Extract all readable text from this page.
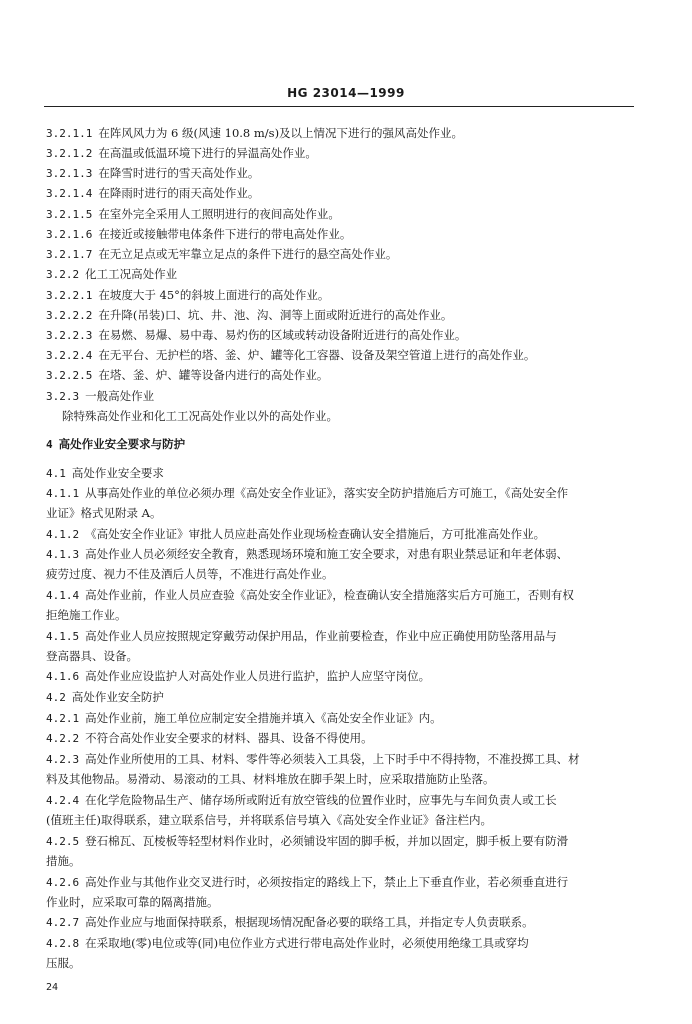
HG 23014—1999
3.2.1.1 在阵风风力为 6 级(风速 10.8 m/s)及以上情况下进行的强风高处作业。
3.2.1.2 在高温或低温环境下进行的异温高处作业。
3.2.1.3 在降雪时进行的雪天高处作业。
3.2.1.4 在降雨时进行的雨天高处作业。
3.2.1.5 在室外完全采用人工照明进行的夜间高处作业。
3.2.1.6 在接近或接触带电体条件下进行的带电高处作业。
3.2.1.7 在无立足点或无牢靠立足点的条件下进行的悬空高处作业。
3.2.2 化工工况高处作业
3.2.2.1 在坡度大于 45°的斜坡上面进行的高处作业。
3.2.2.2 在升降(吊装)口、坑、井、池、沟、洞等上面或附近进行的高处作业。
3.2.2.3 在易燃、易爆、易中毒、易灼伤的区域或转动设备附近进行的高处作业。
3.2.2.4 在无平台、无护栏的塔、釜、炉、罐等化工容器、设备及架空管道上进行的高处作业。
3.2.2.5 在塔、釜、炉、罐等设备内进行的高处作业。
3.2.3 一般高处作业
除特殊高处作业和化工工况高处作业以外的高处作业。
4 高处作业安全要求与防护
4.1 高处作业安全要求
4.1.1 从事高处作业的单位必须办理《高处安全作业证》，落实安全防护措施后方可施工，《高处安全作
业证》格式见附录 A。
4.1.2 《高处安全作业证》审批人员应赴高处作业现场检查确认安全措施后，方可批准高处作业。
4.1.3 高处作业人员必须经安全教育，熟悉现场环境和施工安全要求，对患有职业禁忌证和年老体弱、
疲劳过度、视力不佳及酒后人员等，不准进行高处作业。
4.1.4 高处作业前，作业人员应查验《高处安全作业证》，检查确认安全措施落实后方可施工，否则有权
拒绝施工作业。
4.1.5 高处作业人员应按照规定穿戴劳动保护用品，作业前要检查，作业中应正确使用防坠落用品与
登高器具、设备。
4.1.6 高处作业应设监护人对高处作业人员进行监护，监护人应坚守岗位。
4.2 高处作业安全防护
4.2.1 高处作业前，施工单位应制定安全措施并填入《高处安全作业证》内。
4.2.2 不符合高处作业安全要求的材料、器具、设备不得使用。
4.2.3 高处作业所使用的工具、材料、零件等必须装入工具袋，上下时手中不得持物，不准投掷工具、材
料及其他物品。易滑动、易滚动的工具、材料堆放在脚手架上时，应采取措施防止坠落。
4.2.4 在化学危险物品生产、储存场所或附近有放空管线的位置作业时，应事先与车间负责人或工长
(值班主任)取得联系，建立联系信号，并将联系信号填入《高处安全作业证》备注栏内。
4.2.5 登石棉瓦、瓦棱板等轻型材料作业时，必须铺设牢固的脚手板，并加以固定，脚手板上要有防滑
措施。
4.2.6 高处作业与其他作业交叉进行时，必须按指定的路线上下，禁止上下垂直作业，若必须垂直进行
作业时，应采取可靠的隔离措施。
4.2.7 高处作业应与地面保持联系，根据现场情况配备必要的联络工具，并指定专人负责联系。
4.2.8 在采取地(零)电位或等(同)电位作业方式进行带电高处作业时，必须使用绝缘工具或穿均
压服。
24
